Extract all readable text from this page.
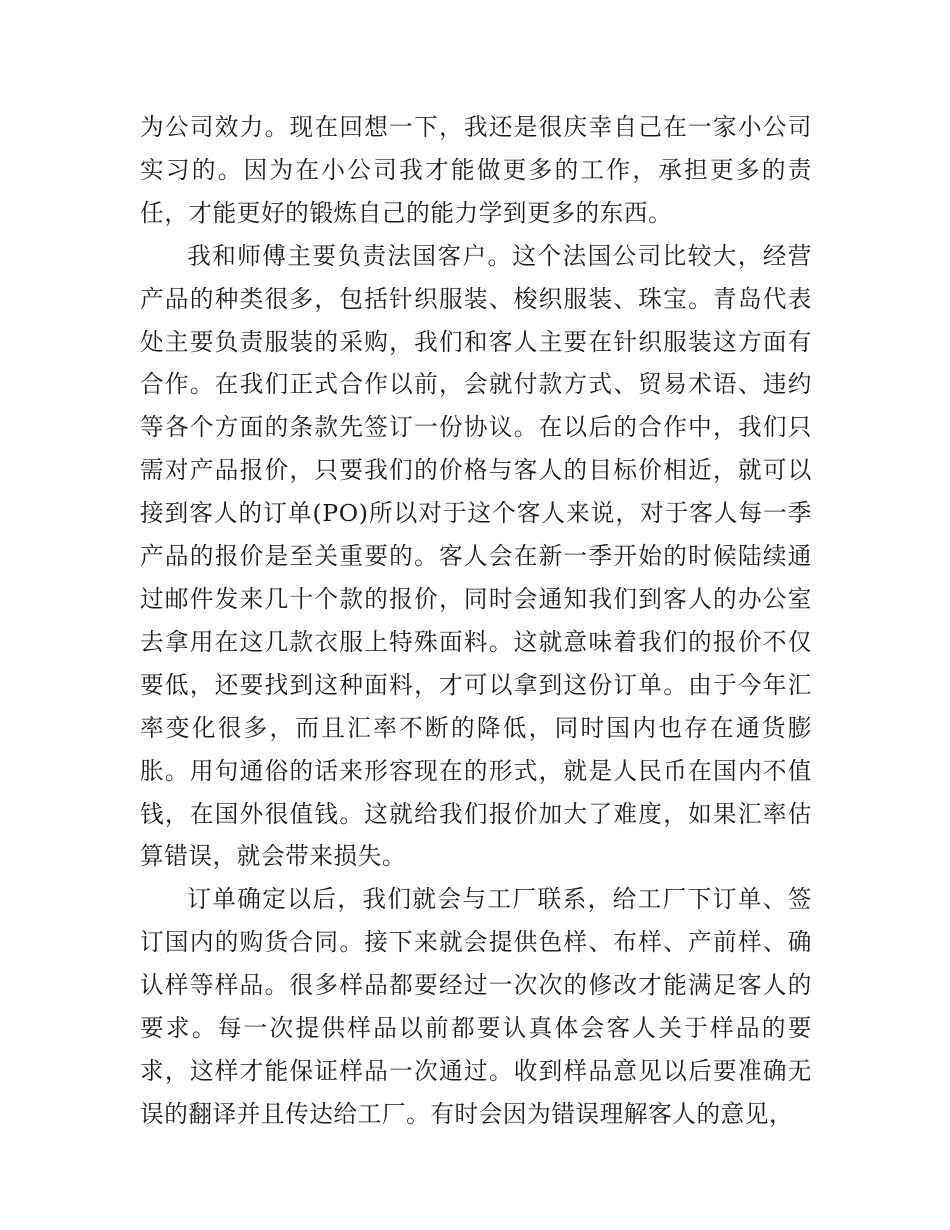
为公司效力。现在回想一下，我还是很庆幸自己在一家小公司实习的。因为在小公司我才能做更多的工作，承担更多的责任，才能更好的锻炼自己的能力学到更多的东西。

我和师傅主要负责法国客户。这个法国公司比较大，经营产品的种类很多，包括针织服装、梭织服装、珠宝。青岛代表处主要负责服装的采购，我们和客人主要在针织服装这方面有合作。在我们正式合作以前，会就付款方式、贸易术语、违约等各个方面的条款先签订一份协议。在以后的合作中，我们只需对产品报价，只要我们的价格与客人的目标价相近，就可以接到客人的订单(PO)所以对于这个客人来说，对于客人每一季产品的报价是至关重要的。客人会在新一季开始的时候陆续通过邮件发来几十个款的报价，同时会通知我们到客人的办公室去拿用在这几款衣服上特殊面料。这就意味着我们的报价不仅要低，还要找到这种面料，才可以拿到这份订单。由于今年汇率变化很多，而且汇率不断的降低，同时国内也存在通货膨胀。用句通俗的话来形容现在的形式，就是人民币在国内不值钱，在国外很值钱。这就给我们报价加大了难度，如果汇率估算错误，就会带来损失。

订单确定以后，我们就会与工厂联系，给工厂下订单、签订国内的购货合同。接下来就会提供色样、布样、产前样、确认样等样品。很多样品都要经过一次次的修改才能满足客人的要求。每一次提供样品以前都要认真体会客人关于样品的要求，这样才能保证样品一次通过。收到样品意见以后要准确无误的翻译并且传达给工厂。有时会因为错误理解客人的意见，
